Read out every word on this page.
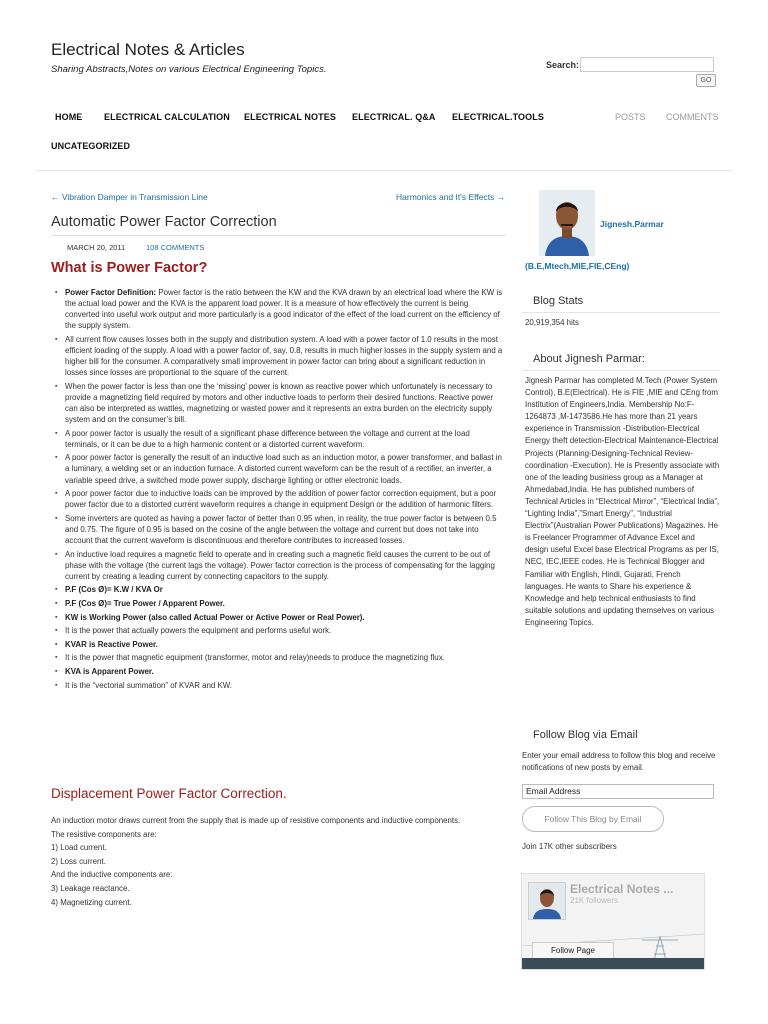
Electrical Notes & Articles
Sharing Abstracts,Notes on various Electrical Engineering Topics.	Search:
GO
HOME ELECTRICAL CALCULATION ELECTRICAL NOTES ELECTRICAL. Q&A ELECTRICAL.TOOLS
UNCATEGORIZED
POSTS COMMENTS
← Vibration Damper in Transmission Line	Harmonics and It's Effects →
Automatic Power Factor Correction
MARCH 20, 2011	108 COMMENTS
What is Power Factor?
▪ Power Factor Definition: Power factor is the ratio between the KW and the KVA drawn by an electrical load where the KW is the actual load power and the KVA is the apparent load power. It is a measure of how effectively the current is being converted into useful work output and more particularly is a good indicator of the effect of the load current on the efficiency of the supply system.
▪ All current flow causes losses both in the supply and distribution system. A load with a power factor of 1.0 results in the most efficient loading of the supply. A load with a power factor of, say, 0.8, results in much higher losses in the supply system and a higher bill for the consumer. A comparatively small improvement in power factor can bring about a significant reduction in losses since losses are proportional to the square of the current.
▪ When the power factor is less than one the ‘missing’ power is known as reactive power which unfortunately is necessary to provide a magnetizing field required by motors and other inductive loads to perform their desired functions. Reactive power can also be interpreted as wattles, magnetizing or wasted power and it represents an extra burden on the electricity supply system and on the consumer’s bill.
▪ A poor power factor is usually the result of a significant phase difference between the voltage and current at the load terminals, or it can be due to a high harmonic content or a distorted current waveform.
▪ A poor power factor is generally the result of an inductive load such as an induction motor, a power transformer, and ballast in a luminary, a welding set or an induction furnace. A distorted current waveform can be the result of a rectifier, an inverter, a variable speed drive, a switched mode power supply, discharge lighting or other electronic loads.
▪ A poor power factor due to inductive loads can be improved by the addition of power factor correction equipment, but a poor power factor due to a distorted current waveform requires a change in equipment Design or the addition of harmonic filters.
▪ Some inverters are quoted as having a power factor of better than 0.95 when, in reality, the true power factor is between 0.5 and 0.75. The figure of 0.95 is based on the cosine of the angle between the voltage and current but does not take into account that the current waveform is discontinuous and therefore contributes to increased losses.
▪ An inductive load requires a magnetic field to operate and in creating such a magnetic field causes the current to be out of phase with the voltage (the current lags the voltage). Power factor correction is the process of compensating for the lagging current by creating a leading current by connecting capacitors to the supply.
▪ P.F (Cos Ø)= K.W / KVA Or
▪ P.F (Cos Ø)= True Power / Apparent Power.
▪ KW is Working Power (also called Actual Power or Active Power or Real Power).
▪ It is the power that actually powers the equipment and performs useful work.
▪ KVAR is Reactive Power.
▪ It is the power that magnetic equipment (transformer, motor and relay)needs to produce the magnetizing flux.
▪ KVA is Apparent Power.
▪ It is the “vectorial summation” of KVAR and KW.
Displacement Power Factor Correction.
An induction motor draws current from the supply that is made up of resistive components and inductive components.
The resistive components are:
1) Load current.
2) Loss current.
And the inductive components are:
3) Leakage reactance.
4) Magnetizing current.
Jignesh.Parmar
(B.E,Mtech,MIE,FIE,CEng)
Blog Stats
20,919,354 hits
About Jignesh Parmar:
Jignesh Parmar has completed M.Tech (Power System Control), B.E(Electrical). He is FIE ,MIE and CEng from Institution of Engineers,India. Membership No:F-1264873 ,M-1473586.He has more than 21 years experience in Transmission -Distribution-Electrical Energy theft detection-Electrical Maintenance-Electrical Projects (Planning-Designing-Technical Review-coordination -Execution). He is Presently associate with one of the leading business group as a Manager at Ahmedabad,India. He has published numbers of Technical Articles in “Electrical Mirror”, “Electrical India”, “Lighting India”,”Smart Energy”, “Industrial Electrix”(Australian Power Publications) Magazines. He is Freelancer Programmer of Advance Excel and design useful Excel base Electrical Programs as per IS, NEC, IEC,IEEE codes. He is Technical Blogger and Familiar with English, Hindi, Gujarati, French languages. He wants to Share his experience & Knowledge and help technical enthusiasts to find suitable solutions and updating themselves on various Engineering Topics.
Follow Blog via Email
Enter your email address to follow this blog and receive notifications of new posts by email.
Email Address
Follow This Blog by Email
Join 17K other subscribers
Electrical Notes ...
21K followers
Follow Page
